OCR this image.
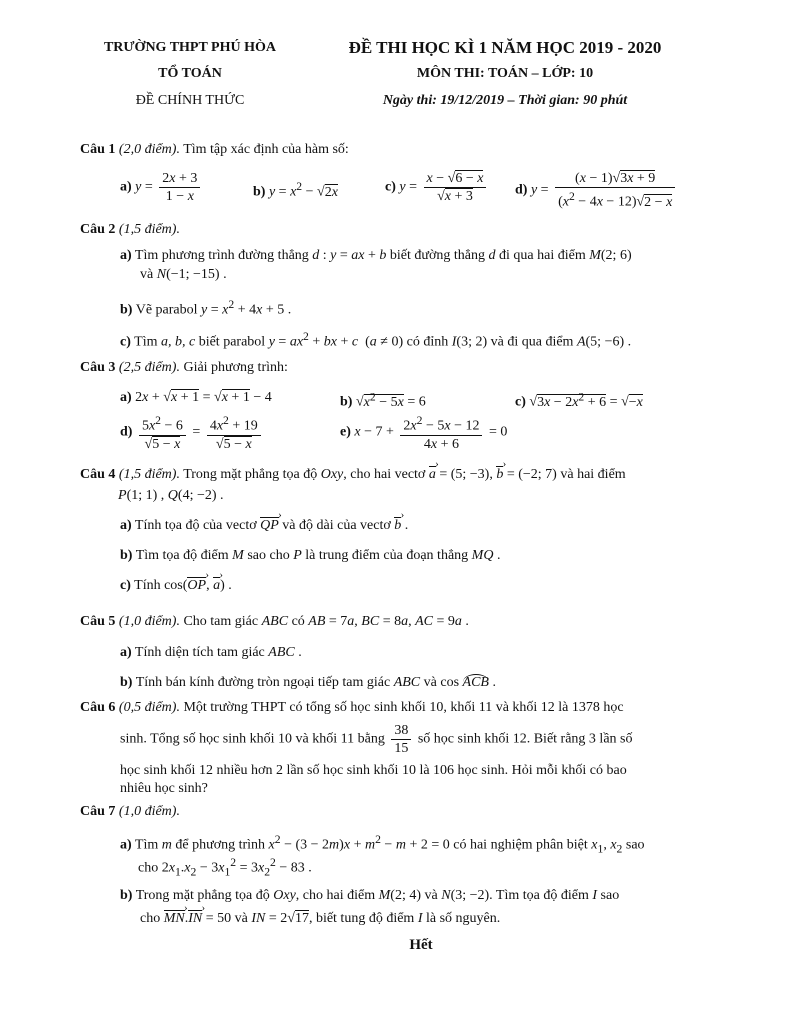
TRƯỜNG THPT PHÚ HÒA
TỔ TOÁN
ĐỀ CHÍNH THỨC
ĐỀ THI HỌC KÌ 1 NĂM HỌC 2019 - 2020
MÔN THI: TOÁN – LỚP: 10
Ngày thi: 19/12/2019 – Thời gian: 90 phút
Câu 1 (2,0 điểm). Tìm tập xác định của hàm số:
a) $y = \frac{2x + 3}{1 - x}$	b) $y = x^2 - √2x$	c) $y = \frac{x - √6 - x}{√x + 3} d$) $y = \frac{(x - 1)√3x + 9}{(x^2 - 4x - 12)√2 - x}$
Câu 2 (1,5 điểm).
a) Tìm phương trình đường thẳng d : y = ax + b biết đường thẳng d đi qua hai điểm M(2; 6)
và N(−1; −15) .
b) Vẽ parabol $y = x^2 + 4x + 5$ .
c) Tìm a, b, c biết parabol $y = ax^2$ + bx + c  (a ≠ 0) có đỉnh I(3; 2) và đi qua điểm A(5; −6) .
Câu 3 (2,5 điểm). Giải phương trình:
a) 2x + √x + 1 = √x + 1 − 4	b) $√x^2 - 5x = 6$	c) $√3x - 2x^2 + 6 = √-x$
$d) \frac{5x^2 - 6}{√5 - x} = \frac{4x^2 + 19}{√5 - x}$	e) $x - 7 + \frac{2x^2 - 5x - 12}{4x + 6} = 0$
Câu 4 (1,5 điểm). Trong mặt phẳng tọa độ Oxy, cho hai vectơ a › = (5; −3), b › = (−2; 7) và hai điểm
P(1; 1) , Q(4; −2) .
a) Tính tọa độ của vectơ QP › và độ dài của vectơ b › .
b) Tìm tọa độ điểm M sao cho P là trung điểm của đoạn thẳng MQ .
c) Tính cos(OP ›, a ›) .
Câu 5 (1,0 điểm). Cho tam giác ABC có AB = 7a, BC = 8a, AC = 9a .
a) Tính diện tích tam giác ABC .
b) Tính bán kính đường tròn ngoại tiếp tam giác ABC và cos ACB .
Câu 6 (0,5 điểm). Một trường THPT có tổng số học sinh khối 10, khối 11 và khối 12 là 1378 học
sinh. Tổng số học sinh khối 10 và khối 11 bằng $\frac{38}{15}$ số học sinh khối 12. Biết rằng 3 lần số
học sinh khối 12 nhiều hơn 2 lần số học sinh khối 10 là 106 học sinh. Hỏi mỗi khối có bao
nhiêu học sinh?
Câu 7 (1,0 điểm).
a) Tìm m để phương trình $x^2 - (3 - 2m)x + m^2 - m + 2 = 0$ có hai nghiệm phân biệt $x_1$, $x_2$ sao
cho $2x_1.x_2 - 3x_1^2 = 3x_2^2 - 83$ .
b) Trong mặt phẳng tọa độ Oxy, cho hai điểm M(2; 4) và N(3; −2). Tìm tọa độ điểm I sao
cho MN ›.IN › = 50 và IN = 2√17, biết tung độ điểm I là số nguyên.
Hết
